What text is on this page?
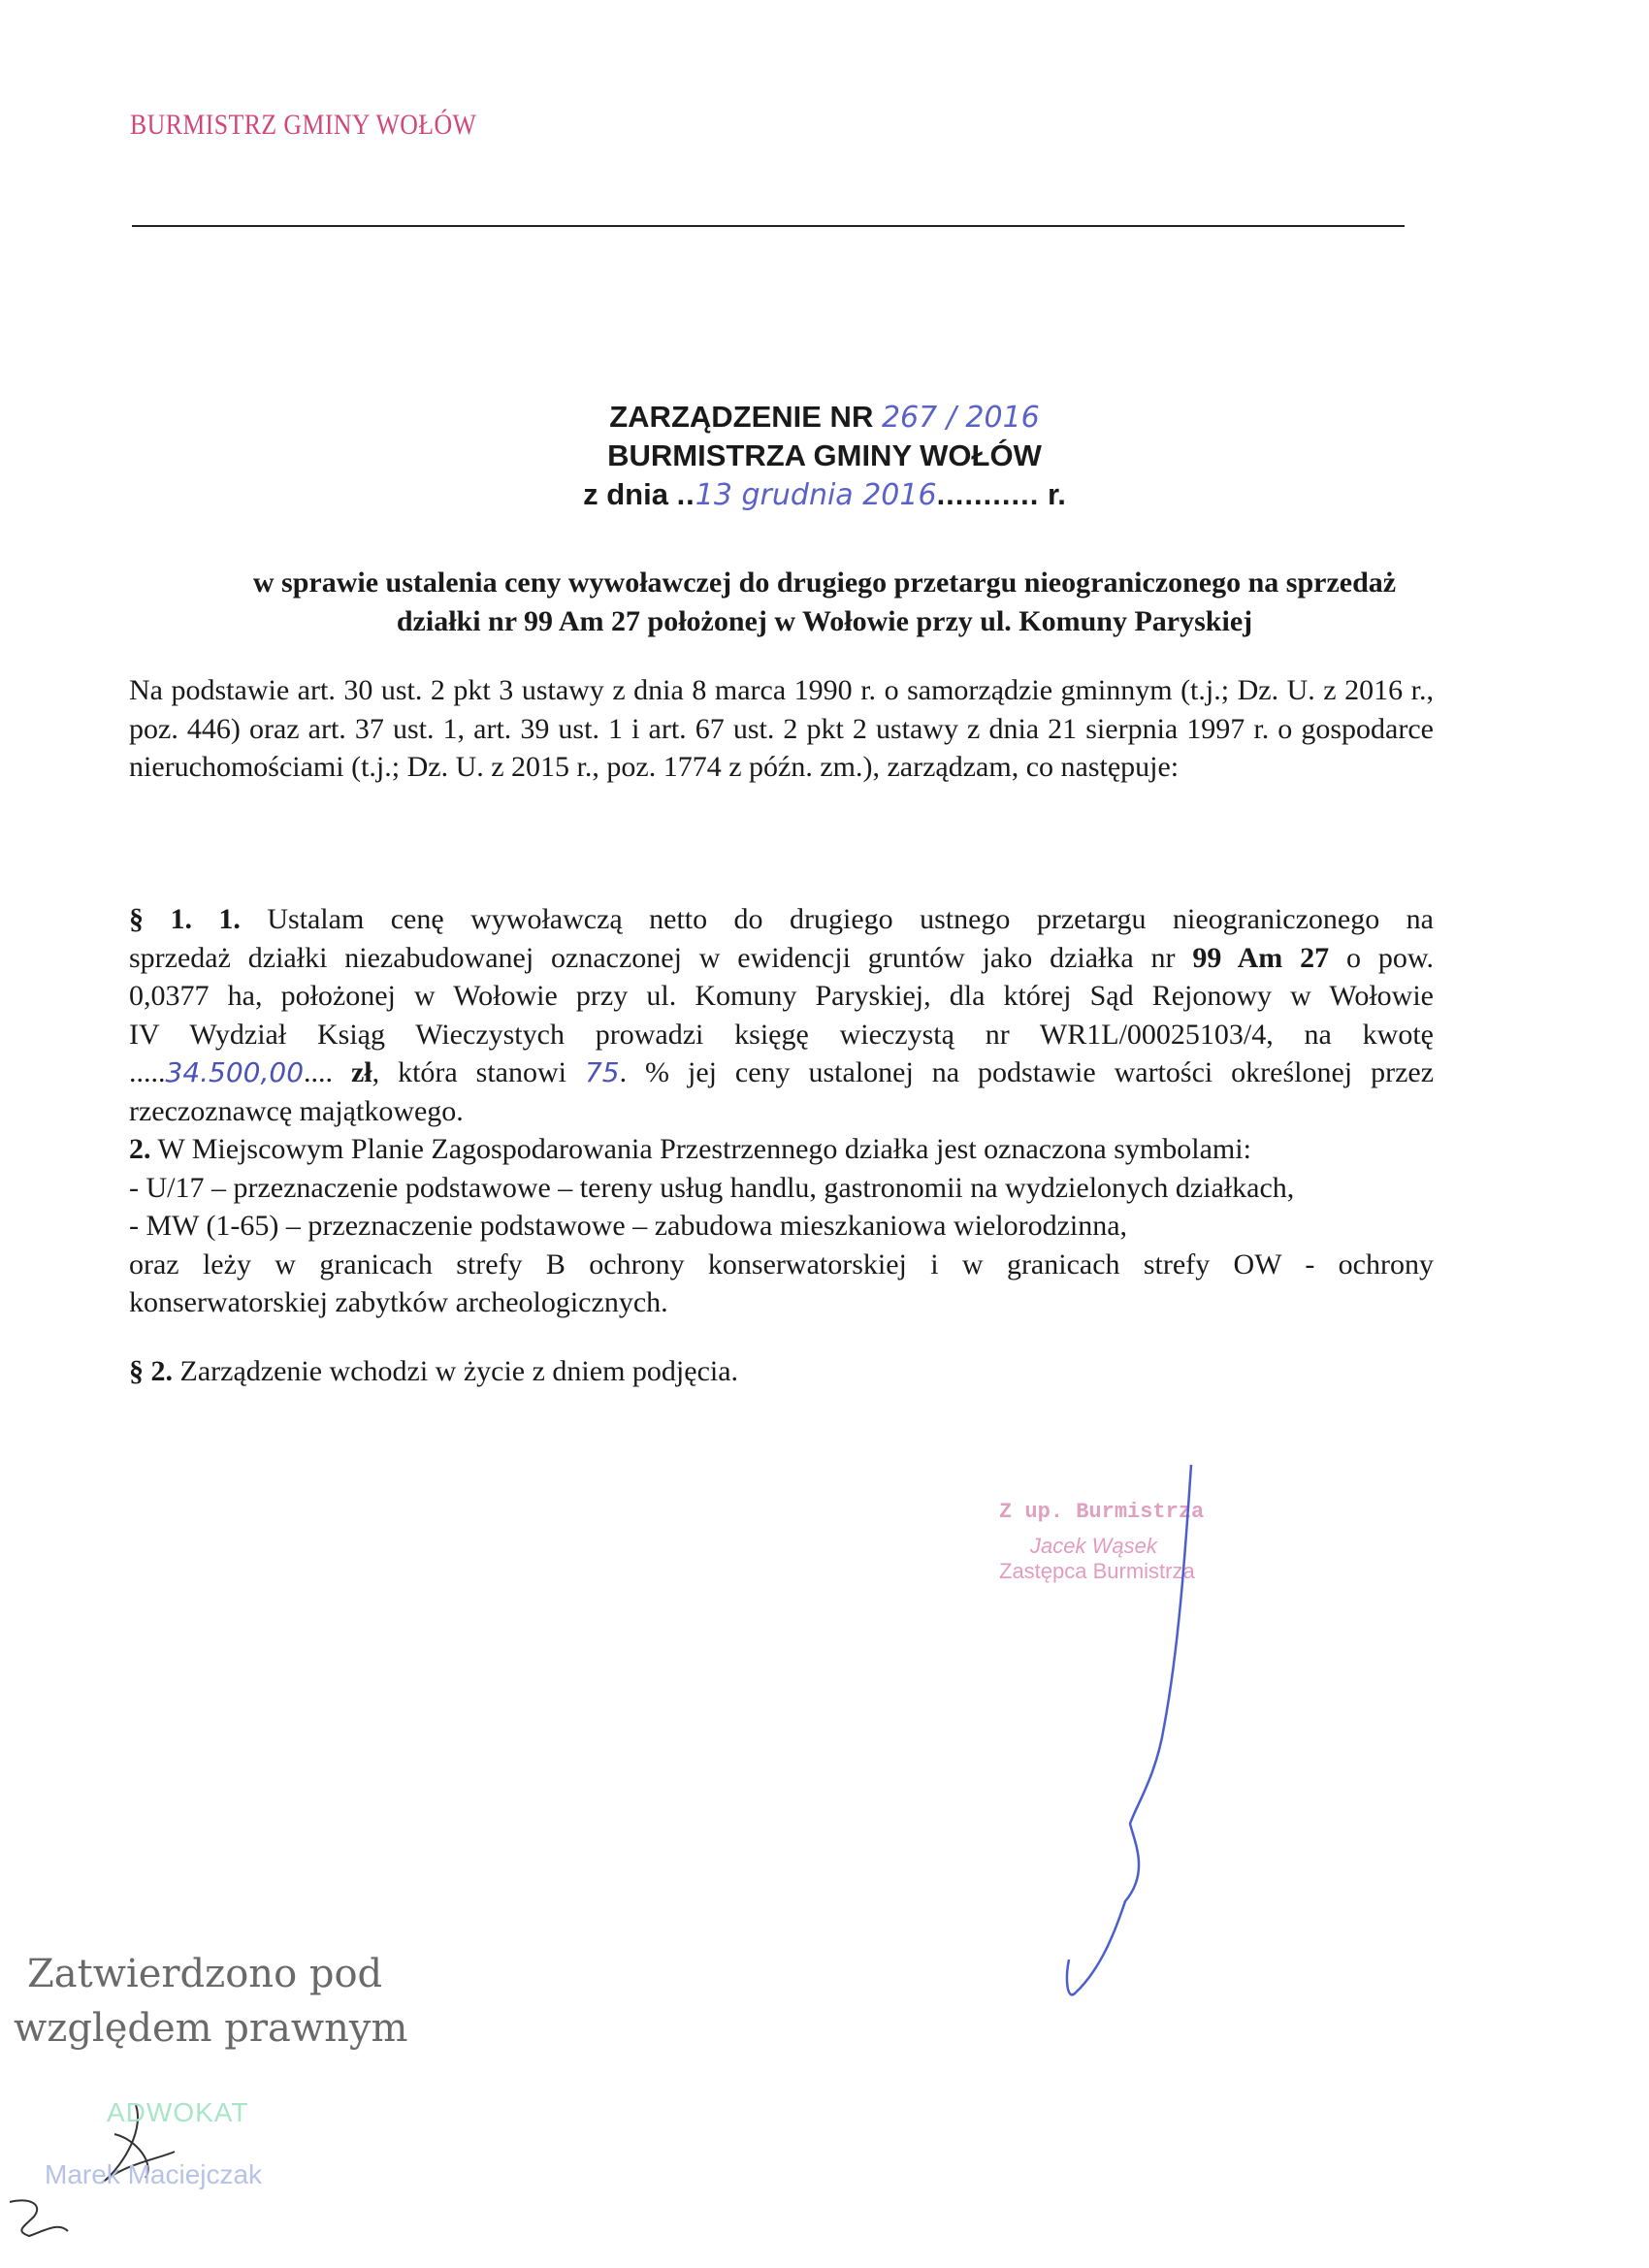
BURMISTRZ GMINY WOŁÓW
ZARZĄDZENIE NR 267 / 2016
BURMISTRZA GMINY WOŁÓW
z dnia ..13 grudnia 2016........... r.
w sprawie ustalenia ceny wywoławczej do drugiego przetargu nieograniczonego na sprzedaż
działki nr 99 Am 27 położonej w Wołowie przy ul. Komuny Paryskiej
Na podstawie art. 30 ust. 2 pkt 3 ustawy z dnia 8 marca 1990 r. o samorządzie gminnym (t.j.; Dz. U. z 2016 r., poz. 446) oraz art. 37 ust. 1, art. 39 ust. 1 i art. 67 ust. 2 pkt 2 ustawy z dnia 21 sierpnia 1997 r. o gospodarce nieruchomościami (t.j.; Dz. U. z 2015 r., poz. 1774 z późn. zm.), zarządzam, co następuje:
§ 1. 1. Ustalam cenę wywoławczą netto do drugiego ustnego przetargu nieograniczonego na
sprzedaż działki niezabudowanej oznaczonej w ewidencji gruntów jako działka nr 99 Am 27 o pow.
0,0377 ha, położonej w Wołowie przy ul. Komuny Paryskiej, dla której Sąd Rejonowy w Wołowie
IV Wydział Ksiąg Wieczystych prowadzi księgę wieczystą nr WR1L/00025103/4, na kwotę
.....34.500,00.... zł, która stanowi 75. % jej ceny ustalonej na podstawie wartości określonej przez
rzeczoznawcę majątkowego.
2. W Miejscowym Planie Zagospodarowania Przestrzennego działka jest oznaczona symbolami:
- U/17 – przeznaczenie podstawowe – tereny usług handlu, gastronomii na wydzielonych działkach,
- MW (1-65) – przeznaczenie podstawowe – zabudowa mieszkaniowa wielorodzinna,
oraz leży w granicach strefy B ochrony konserwatorskiej i w granicach strefy OW - ochrony
konserwatorskiej zabytków archeologicznych.
§ 2. Zarządzenie wchodzi w życie z dniem podjęcia.
Z up. Burmistrza
Jacek Wąsek
Zastępca Burmistrza
Zatwierdzono pod
względem prawnym
ADWOKAT
Marek Maciejczak
